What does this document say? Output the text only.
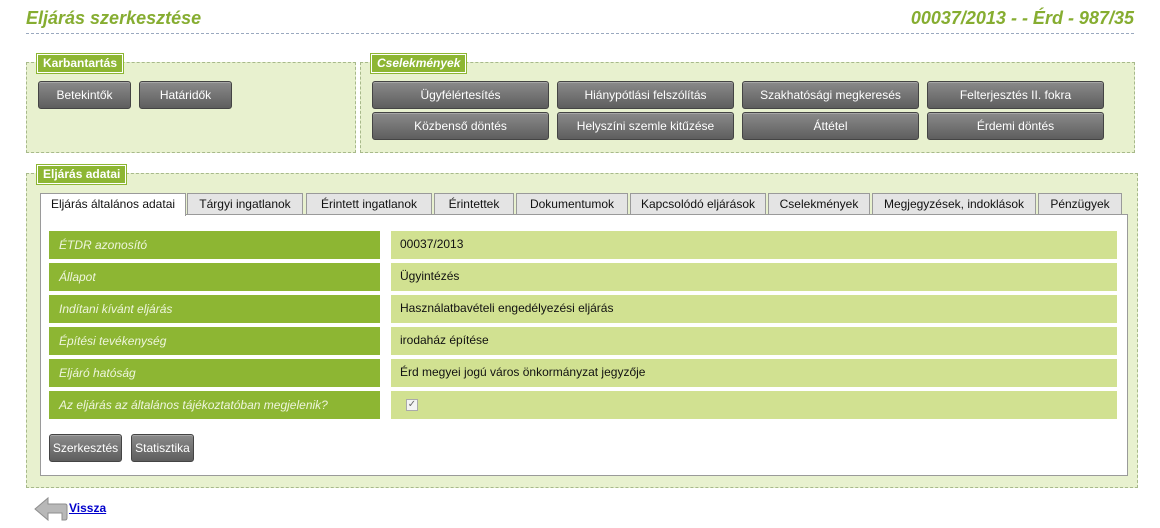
Eljárás szerkesztése	00037/2013 - - Érd - 987/35
Karbantartás
Betekintők	Határidők
Cselekmények
Ügyfélértesítés	Hiánypótlási felszólítás	Szakhatósági megkeresés	Felterjesztés II. fokra
Közbenső döntés	Helyszíni szemle kitűzése	Áttétel	Érdemi döntés
Eljárás adatai
Eljárás általános adatai	Tárgyi ingatlanok	Érintett ingatlanok	Érintettek	Dokumentumok	Kapcsolódó eljárások	Cselekmények	Megjegyzések, indoklások	Pénzügyek
ÉTDR azonosító	00037/2013
Állapot	Ügyintézés
Indítani kívánt eljárás	Használatbavételi engedélyezési eljárás
Építési tevékenység	irodaház építése
Eljáró hatóság	Érd megyei jogú város önkormányzat jegyzője
Az eljárás az általános tájékoztatóban megjelenik?	✓
Szerkesztés	Statisztika
Vissza
